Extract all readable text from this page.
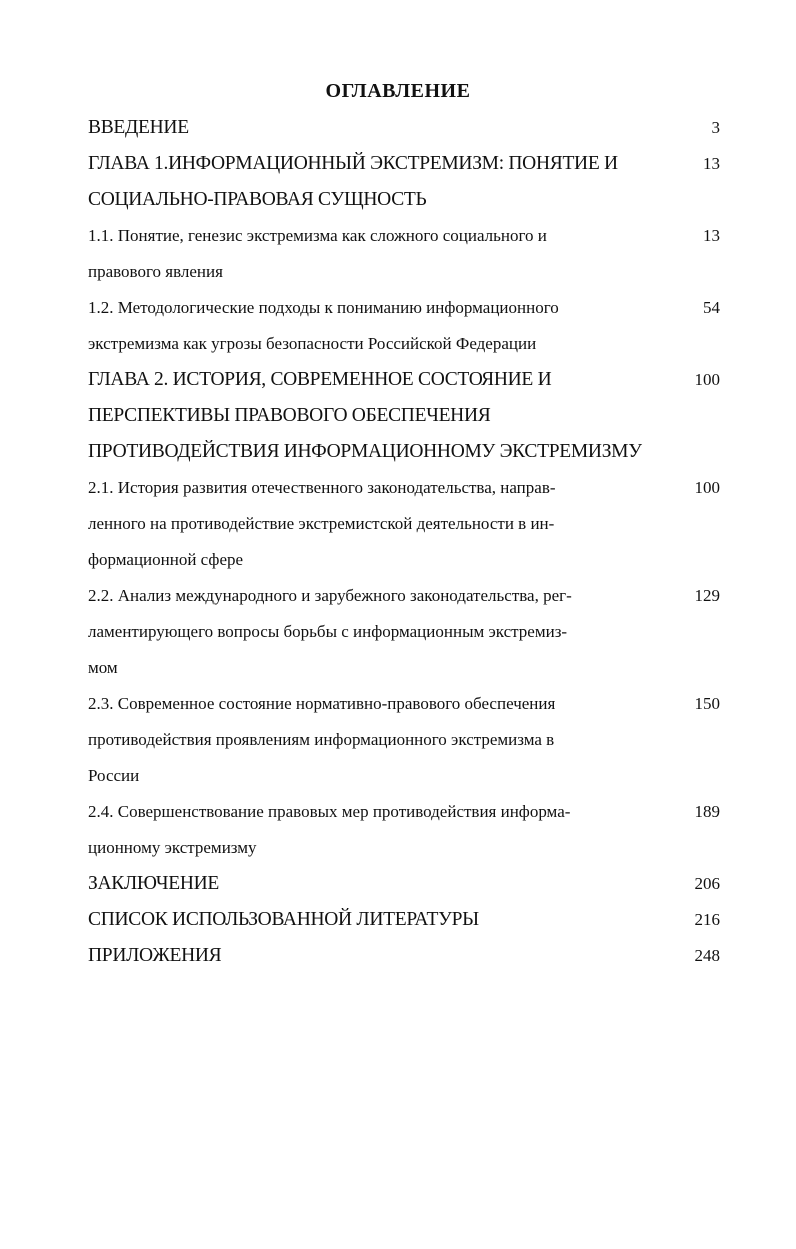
ОГЛАВЛЕНИЕ
ВВЕДЕНИЕ	3
ГЛАВА 1.ИНФОРМАЦИОННЫЙ ЭКСТРЕМИЗМ: ПОНЯТИЕ И
СОЦИАЛЬНО-ПРАВОВАЯ СУЩНОСТЬ
13
1.1. Понятие, генезис экстремизма как сложного социального и
правового явления
13
1.2. Методологические подходы к пониманию информационного
экстремизма как угрозы безопасности Российской Федерации
54
ГЛАВА 2. ИСТОРИЯ, СОВРЕМЕННОЕ СОСТОЯНИЕ И
ПЕРСПЕКТИВЫ ПРАВОВОГО ОБЕСПЕЧЕНИЯ
ПРОТИВОДЕЙСТВИЯ ИНФОРМАЦИОННОМУ ЭКСТРЕМИЗМУ
100
2.1. История развития отечественного законодательства, направ-
ленного на противодействие экстремистской деятельности в ин-
формационной сфере
100
2.2. Анализ международного и зарубежного законодательства, рег-
ламентирующего вопросы борьбы с информационным экстремиз-
мом
129
2.3. Современное состояние нормативно-правового обеспечения
противодействия проявлениям информационного экстремизма в
России
150
2.4. Совершенствование правовых мер противодействия информа-
ционному экстремизму
189
ЗАКЛЮЧЕНИЕ	206
СПИСОК ИСПОЛЬЗОВАННОЙ ЛИТЕРАТУРЫ	216
ПРИЛОЖЕНИЯ	248
